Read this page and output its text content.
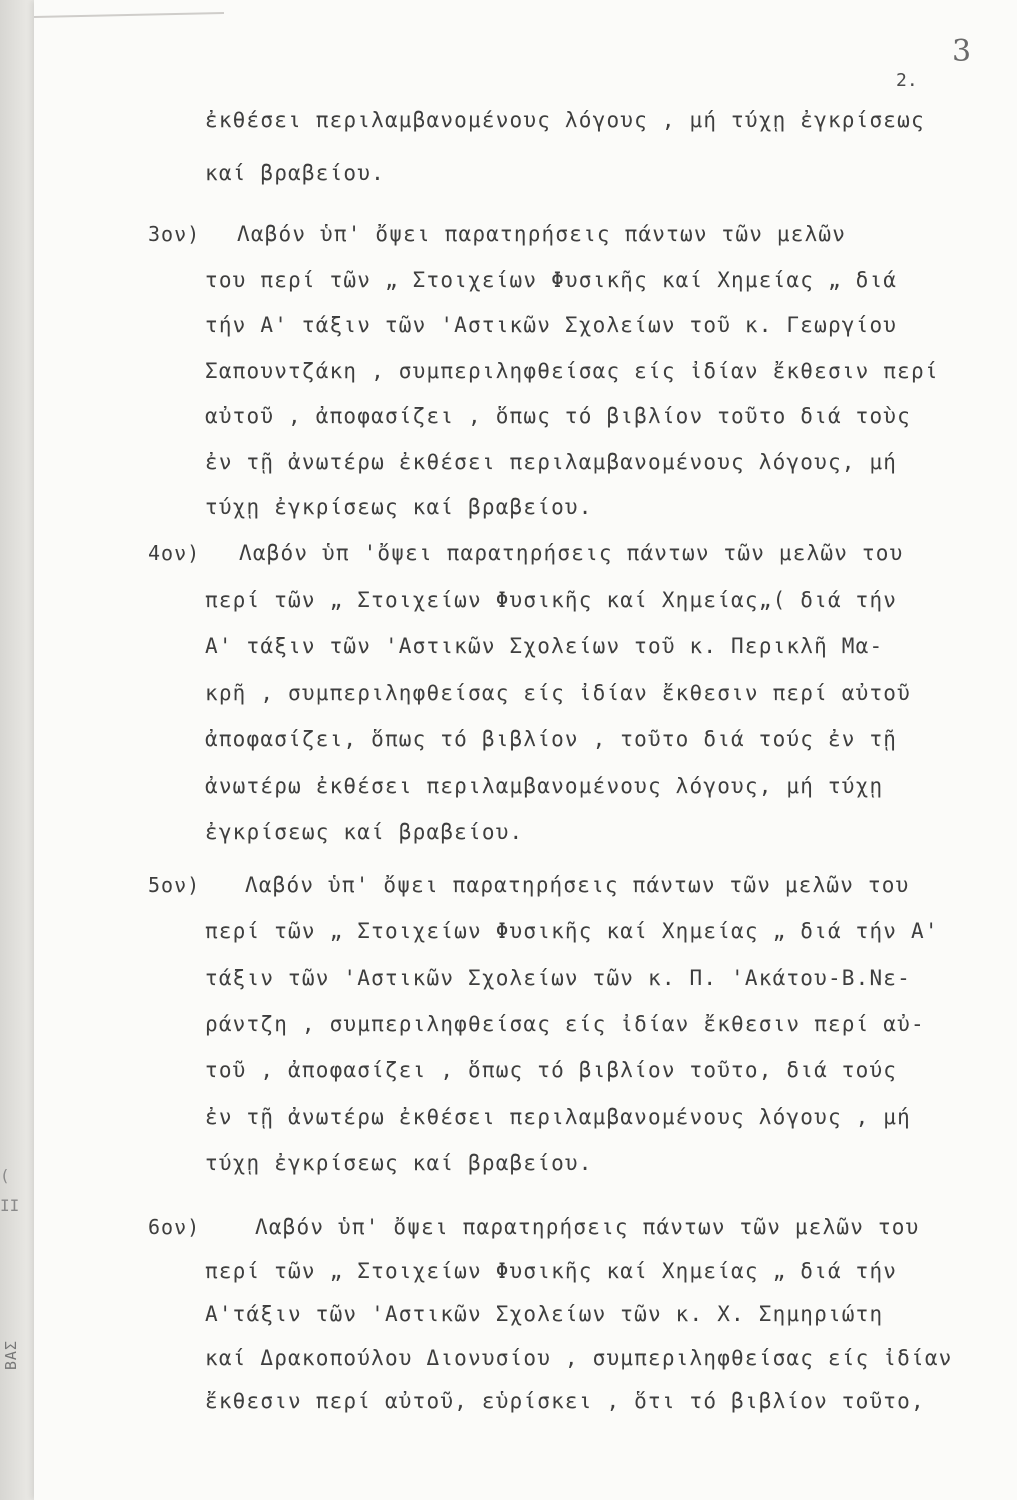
(
II
ΒΑΣ
3
2.
ἐκθέσει περιλαμβανομένους λόγους , μή τύχῃ ἐγκρίσεως
καί βραβείου.
3ον) Λαβόν ὑπ' ὄψει παρατηρήσεις πάντων τῶν μελῶν
του περί τῶν „ Στοιχείων Φυσικῆς καί Χημείας „ διά
τήν Α' τάξιν τῶν 'Αστικῶν Σχολείων τοῦ κ. Γεωργίου
Σαπουντζάκη , συμπεριληφθείσας είς ἰδίαν ἔκθεσιν περί
αὐτοῦ , ἀποφασίζει , ὅπως τό βιβλίον τοῦτο διά τοὺς
ἐν τῇ ἀνωτέρω ἐκθέσει περιλαμβανομένους λόγους, μή
τύχῃ ἐγκρίσεως καί βραβείου.
4ον) Λαβόν ὑπ 'ὄψει παρατηρήσεις πάντων τῶν μελῶν του
περί τῶν „ Στοιχείων Φυσικῆς καί Χημείας„( διά τήν
Α' τάξιν τῶν 'Αστικῶν Σχολείων τοῦ κ. Περικλῆ Μα-
κρῆ , συμπεριληφθείσας είς ἰδίαν ἔκθεσιν περί αὐτοῦ
ἀποφασίζει, ὅπως τό βιβλίον , τοῦτο διά τούς ἐν τῇ
ἀνωτέρω ἐκθέσει περιλαμβανομένους λόγους, μή τύχῃ
ἐγκρίσεως καί βραβείου.
5ον) Λαβόν ὑπ' ὄψει παρατηρήσεις πάντων τῶν μελῶν του
περί τῶν „ Στοιχείων Φυσικῆς καί Χημείας „ διά τήν Α'
τάξιν τῶν 'Αστικῶν Σχολείων τῶν κ. Π. 'Ακάτου-Β.Νε-
ράντζη , συμπεριληφθείσας είς ἰδίαν ἔκθεσιν περί αὐ-
τοῦ , ἀποφασίζει , ὅπως τό βιβλίον τοῦτο, διά τούς
ἐν τῇ ἀνωτέρω ἐκθέσει περιλαμβανομένους λόγους , μή
τύχῃ ἐγκρίσεως καί βραβείου.
6ον)	Λαβόν ὑπ' ὄψει παρατηρήσεις πάντων τῶν μελῶν του
περί τῶν „ Στοιχείων Φυσικῆς καί Χημείας „ διά τήν
Α'τάξιν τῶν 'Αστικῶν Σχολείων τῶν κ. Χ. Σημηριώτη
καί Δρακοπούλου Διονυσίου , συμπεριληφθείσας είς ἰδίαν
ἔκθεσιν περί αὐτοῦ, εὑρίσκει , ὅτι τό βιβλίον τοῦτο,
